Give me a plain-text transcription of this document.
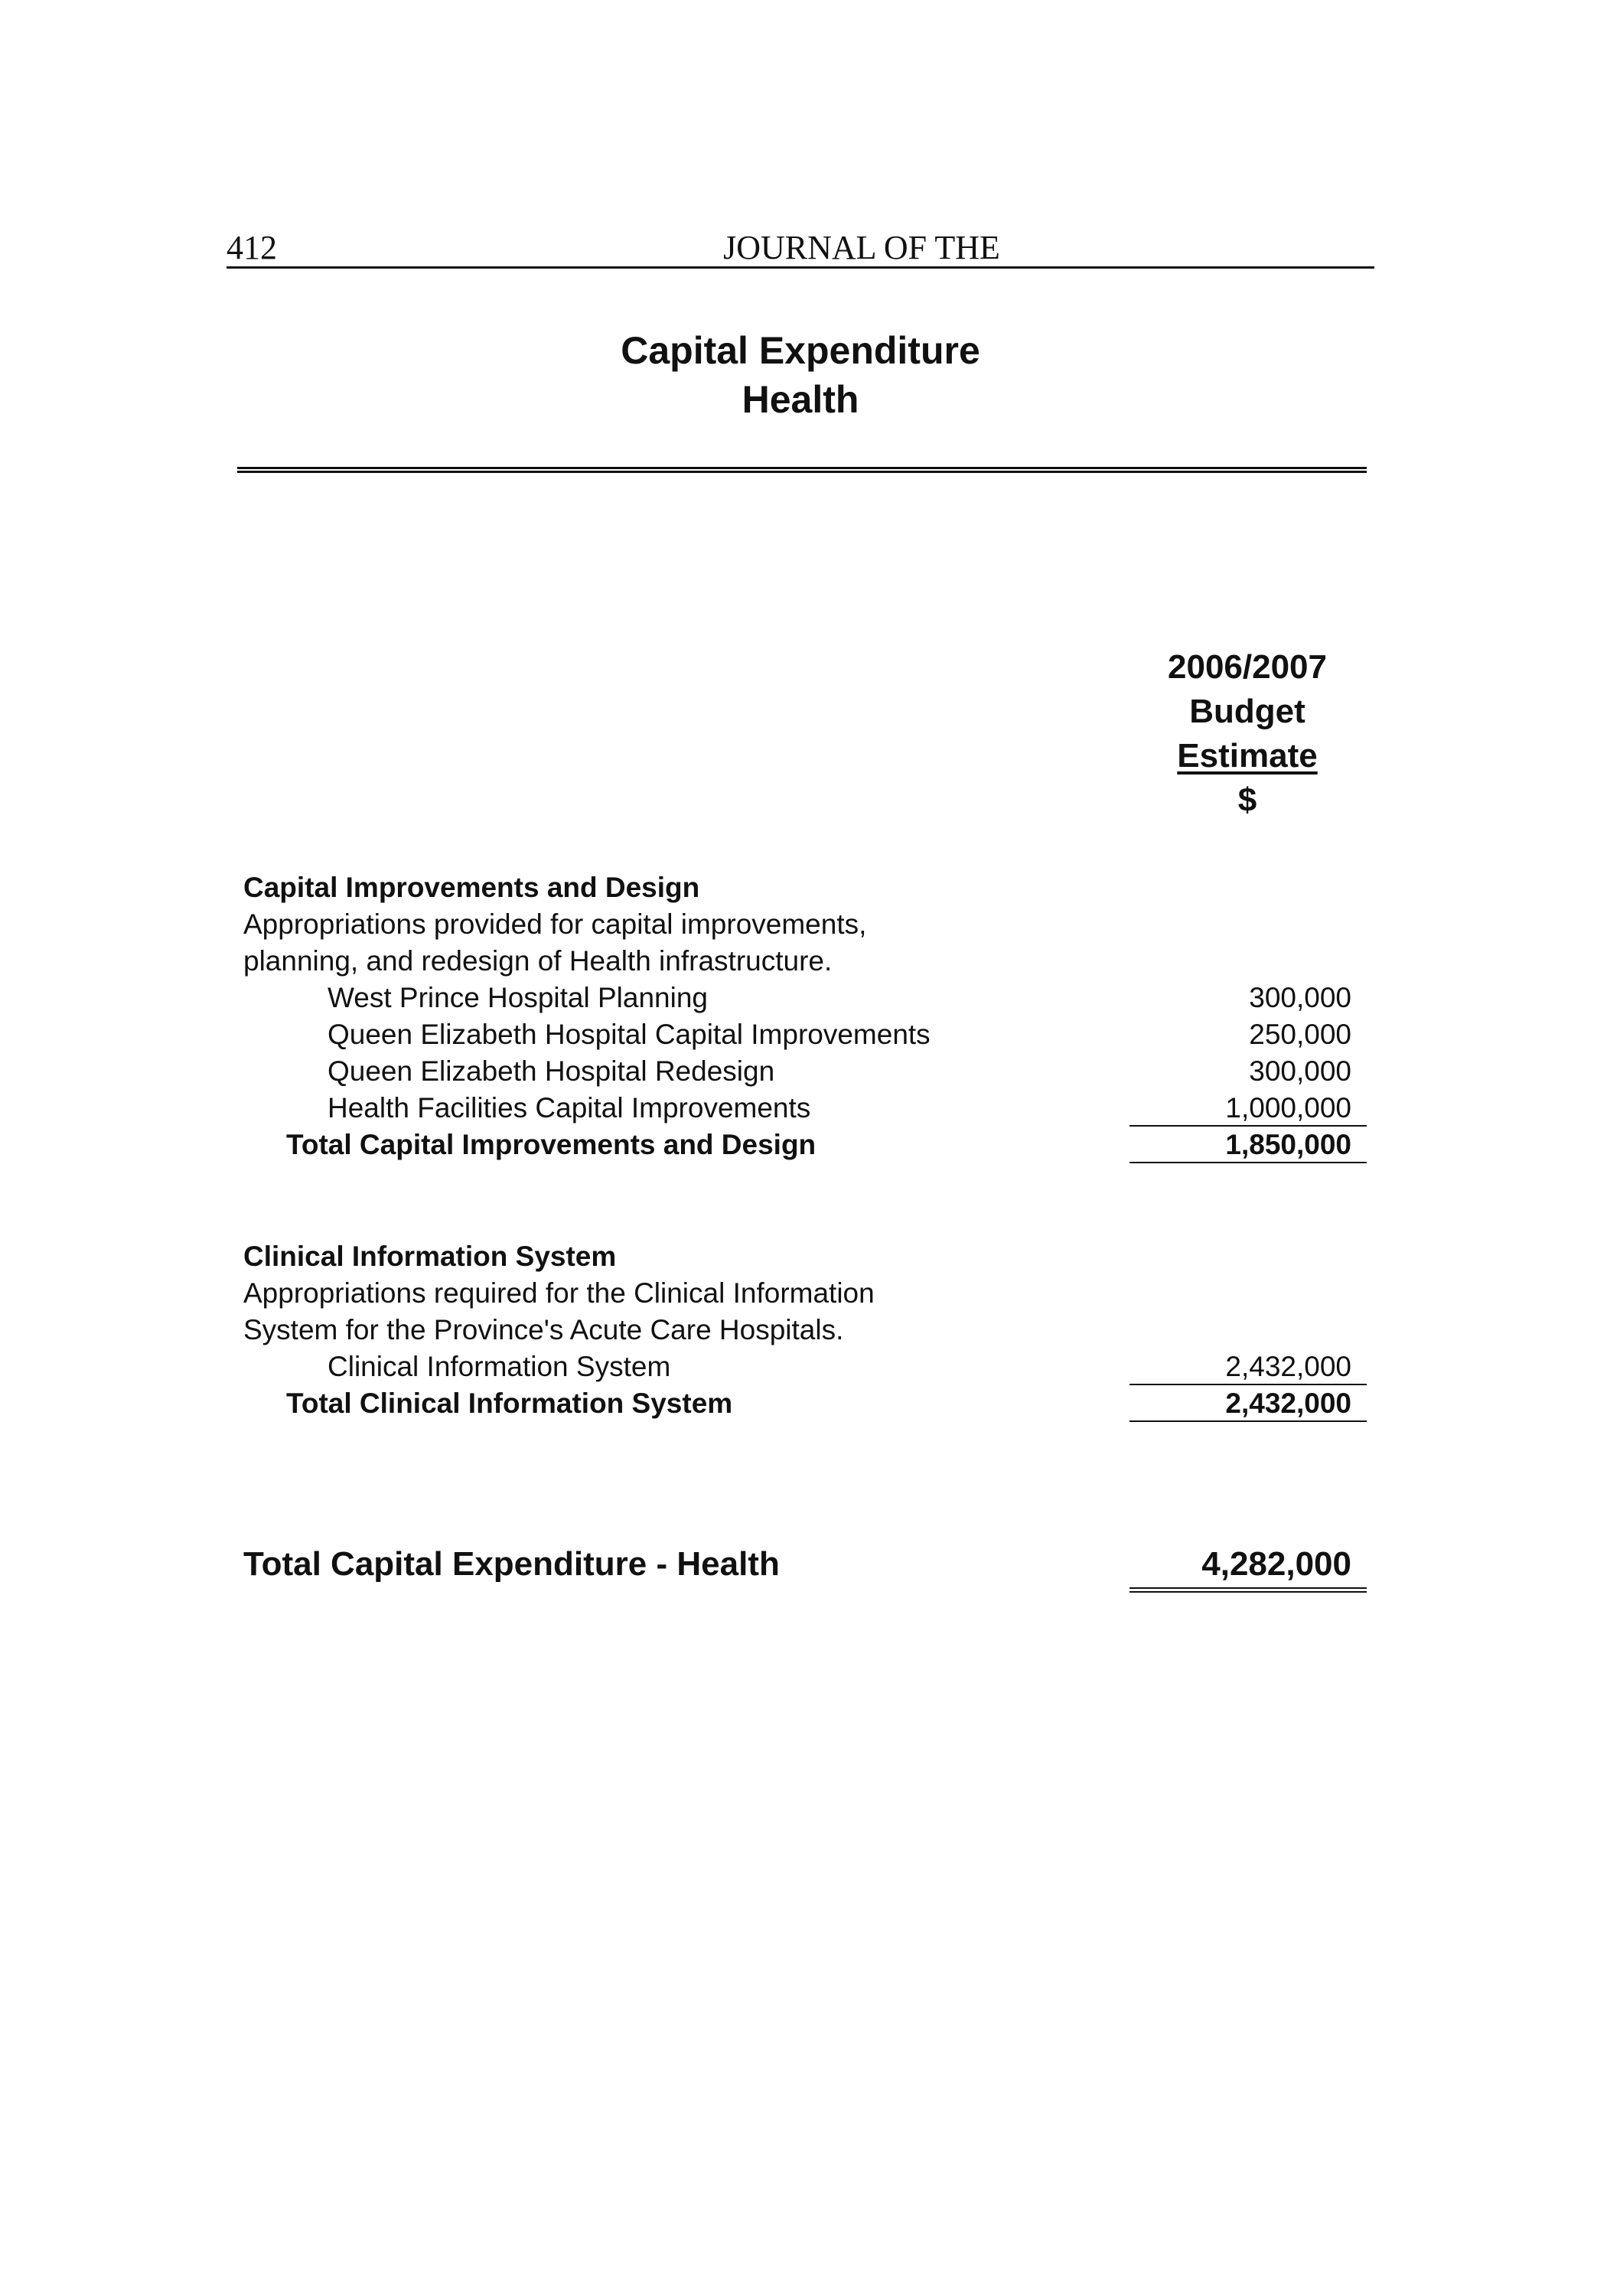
412	JOURNAL OF THE
Capital Expenditure
Health
2006/2007
Budget
Estimate
$
Capital Improvements and Design
Appropriations provided for capital improvements,
planning, and redesign of Health infrastructure.
West Prince Hospital Planning	300,000
Queen Elizabeth Hospital Capital Improvements	250,000
Queen Elizabeth Hospital Redesign	300,000
Health Facilities Capital Improvements	1,000,000
Total Capital Improvements and Design	1,850,000
Clinical Information System
Appropriations required for the Clinical Information
System for the Province's Acute Care Hospitals.
Clinical Information System	2,432,000
Total Clinical Information System	2,432,000
Total Capital Expenditure - Health	4,282,000
